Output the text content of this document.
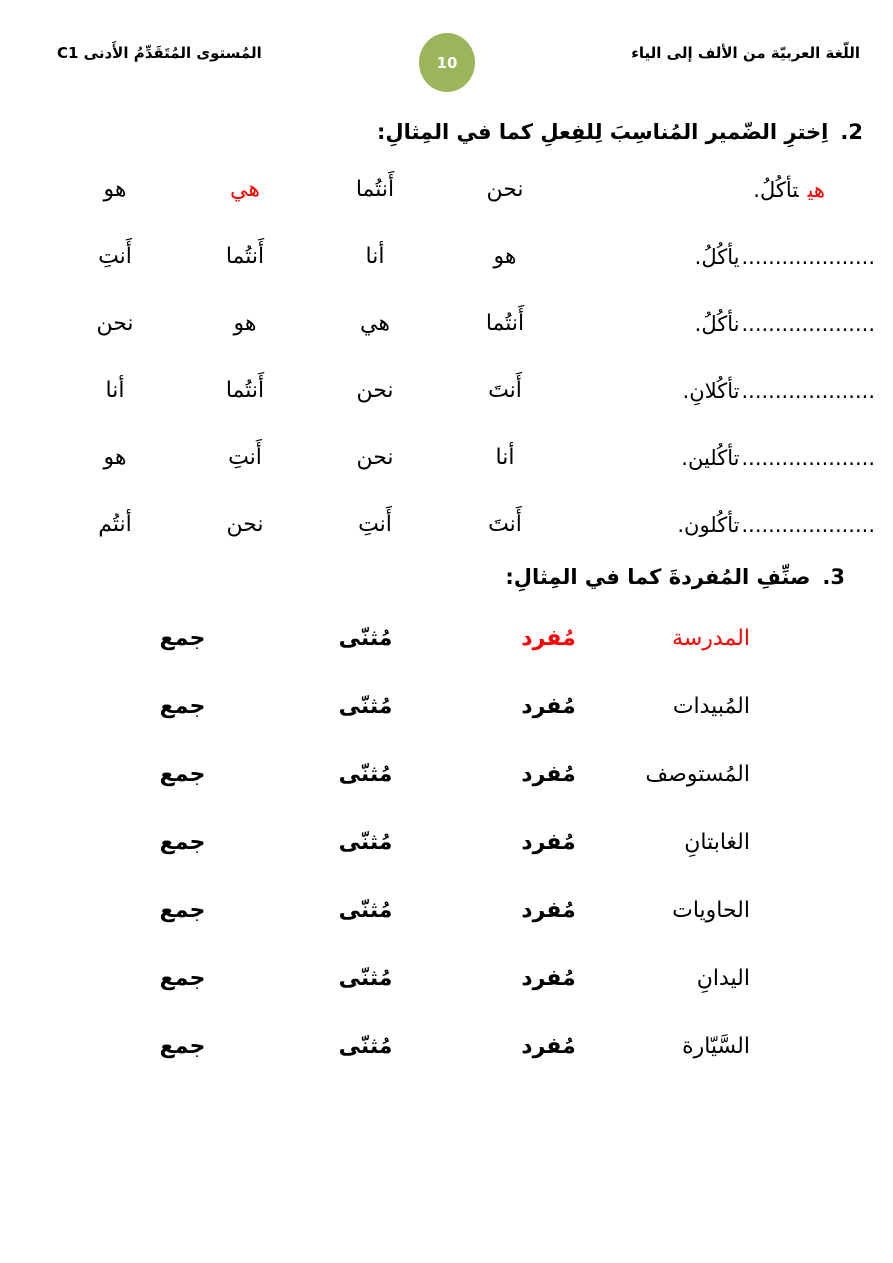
اللّغة العربيّة من الألف إلى الياء
المُستوى المُتَقَدِّمُ الأَدنى C1
10
2.
اِخترِ الضّمير المُناسِبَ لِلفِعلِ كما في المِثالِ:
هيتأكُلُ.
نحن
أَنتُما
هي
هو
....................يأكُلُ.
هو
أنا
أَنتُما
أَنتِ
....................نأكُلُ.
أَنتُما
هي
هو
نحن
....................تأكُلانِ.
أَنتَ
نحن
أَنتُما
أنا
....................تأكُلين.
أنا
نحن
أَنتِ
هو
....................تأكُلون.
أَنتَ
أَنتِ
نحن
أنتُم
3.
صنِّفِ المُفردةَ كما في المِثالِ:
المدرسة
مُفرد
مُثنّى
جمع
المُبيدات
مُفرد
مُثنّى
جمع
المُستوصف
مُفرد
مُثنّى
جمع
الغابتانِ
مُفرد
مُثنّى
جمع
الحاويات
مُفرد
مُثنّى
جمع
اليدانِ
مُفرد
مُثنّى
جمع
السَّيّارة
مُفرد
مُثنّى
جمع
